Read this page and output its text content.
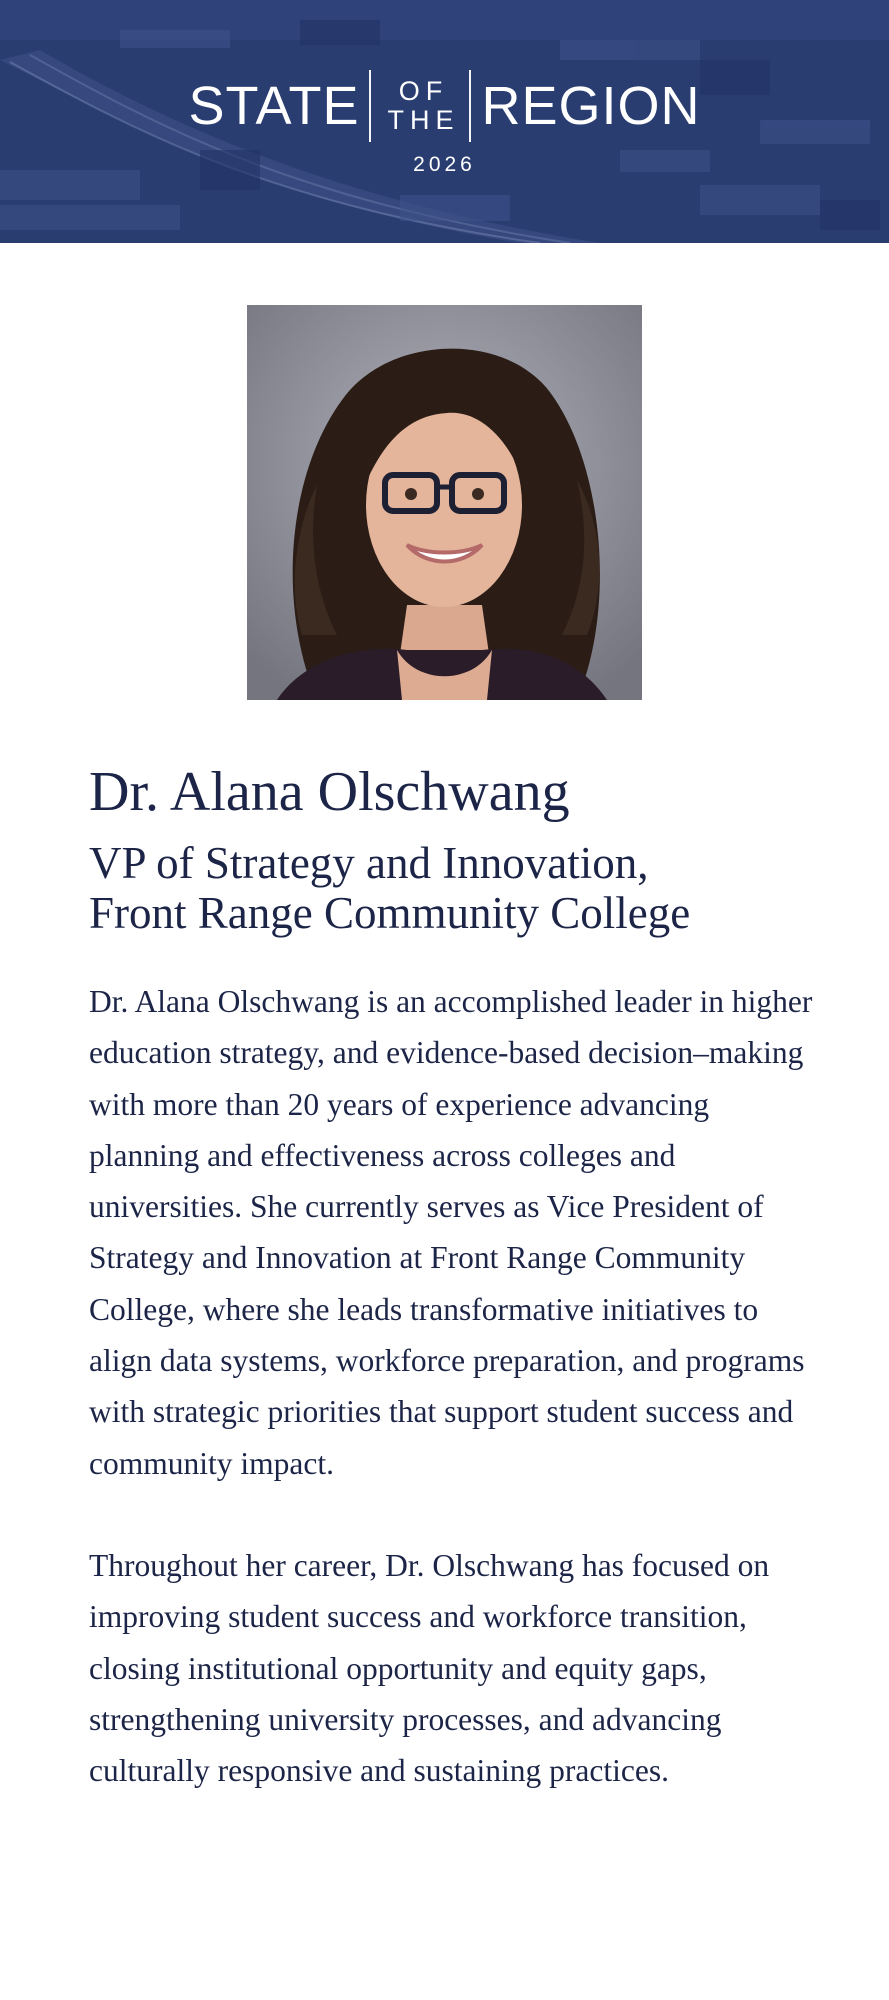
STATE OF
THE REGION
2026
Dr. Alana Olschwang
VP of Strategy and Innovation,
Front Range Community College

Dr. Alana Olschwang is an accomplished leader in higher education strategy, and evidence-based decision–making with more than 20 years of experience advancing planning and effectiveness across colleges and universities. She currently serves as Vice President of Strategy and Innovation at Front Range Community College, where she leads transformative initiatives to align data systems, workforce preparation, and programs with strategic priorities that support student success and community impact.

Throughout her career, Dr. Olschwang has focused on improving student success and workforce transition, closing institutional opportunity and equity gaps, strengthening university processes, and advancing culturally responsive and sustaining practices.
